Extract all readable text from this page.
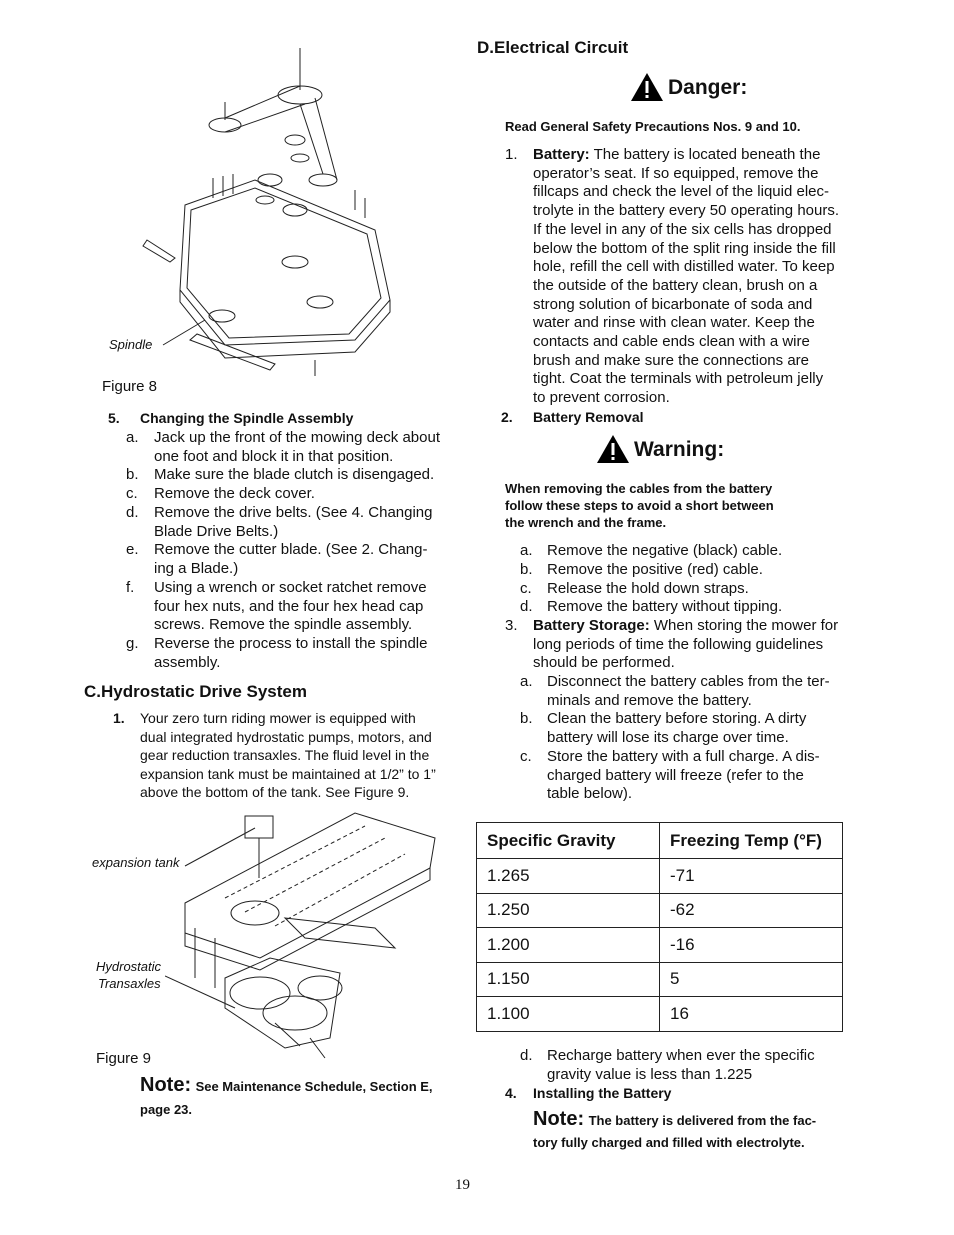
Spindle
Figure 8
5. Changing the Spindle Assembly
a. Jack up the front of the mowing deck about
one foot and block it in that position.
b. Make sure the blade clutch is disengaged.
c. Remove the deck cover.
d. Remove the drive belts. (See 4. Changing
Blade Drive Belts.)
e. Remove the cutter blade. (See 2. Chang-
ing a Blade.)
f. Using a wrench or socket ratchet remove
four hex nuts, and the four hex head cap
screws. Remove the spindle assembly.
g. Reverse the process to install the spindle
assembly.
C.Hydrostatic Drive System
1. Your zero turn riding mower is equipped with
dual integrated hydrostatic pumps, motors, and
gear reduction transaxles. The fluid level in the
expansion tank must be maintained at 1/2” to 1”
above the bottom of the tank. See Figure 9.
expansion tank
Hydrostatic
Transaxles
Figure 9
Note: See Maintenance Schedule, Section E,
page 23.
D.Electrical Circuit
Danger:
Read General Safety Precautions Nos. 9 and 10.
1. Battery: The battery is located beneath the
operator’s seat. If so equipped, remove the
fillcaps and check the level of the liquid elec-
trolyte in the battery every 50 operating hours.
If the level in any of the six cells has dropped
below the bottom of the split ring inside the fill
hole, refill the cell with distilled water. To keep
the outside of the battery clean, brush on a
strong solution of bicarbonate of soda and
water and rinse with clean water. Keep the
contacts and cable ends clean with a wire
brush and make sure the connections are
tight. Coat the terminals with petroleum jelly
to prevent corrosion.
2. Battery Removal
Warning:
When removing the cables from the battery
follow these steps to avoid a short between
the wrench and the frame.
a. Remove the negative (black) cable.
b. Remove the positive (red) cable.
c. Release the hold down straps.
d. Remove the battery without tipping.
3. Battery Storage: When storing the mower for
long periods of time the following guidelines
should be performed.
a. Disconnect the battery cables from the ter-
minals and remove the battery.
b. Clean the battery before storing. A dirty
battery will lose its charge over time.
c. Store the battery with a full charge. A dis-
charged battery will freeze (refer to the
table below).
Specific Gravity	Freezing Temp (°F)
1.265	-71
1.250	-62
1.200	-16
1.150	5
1.100	16
d. Recharge battery when ever the specific
gravity value is less than 1.225
4. Installing the Battery
Note: The battery is delivered from the fac-
tory fully charged and filled with electrolyte.
19
